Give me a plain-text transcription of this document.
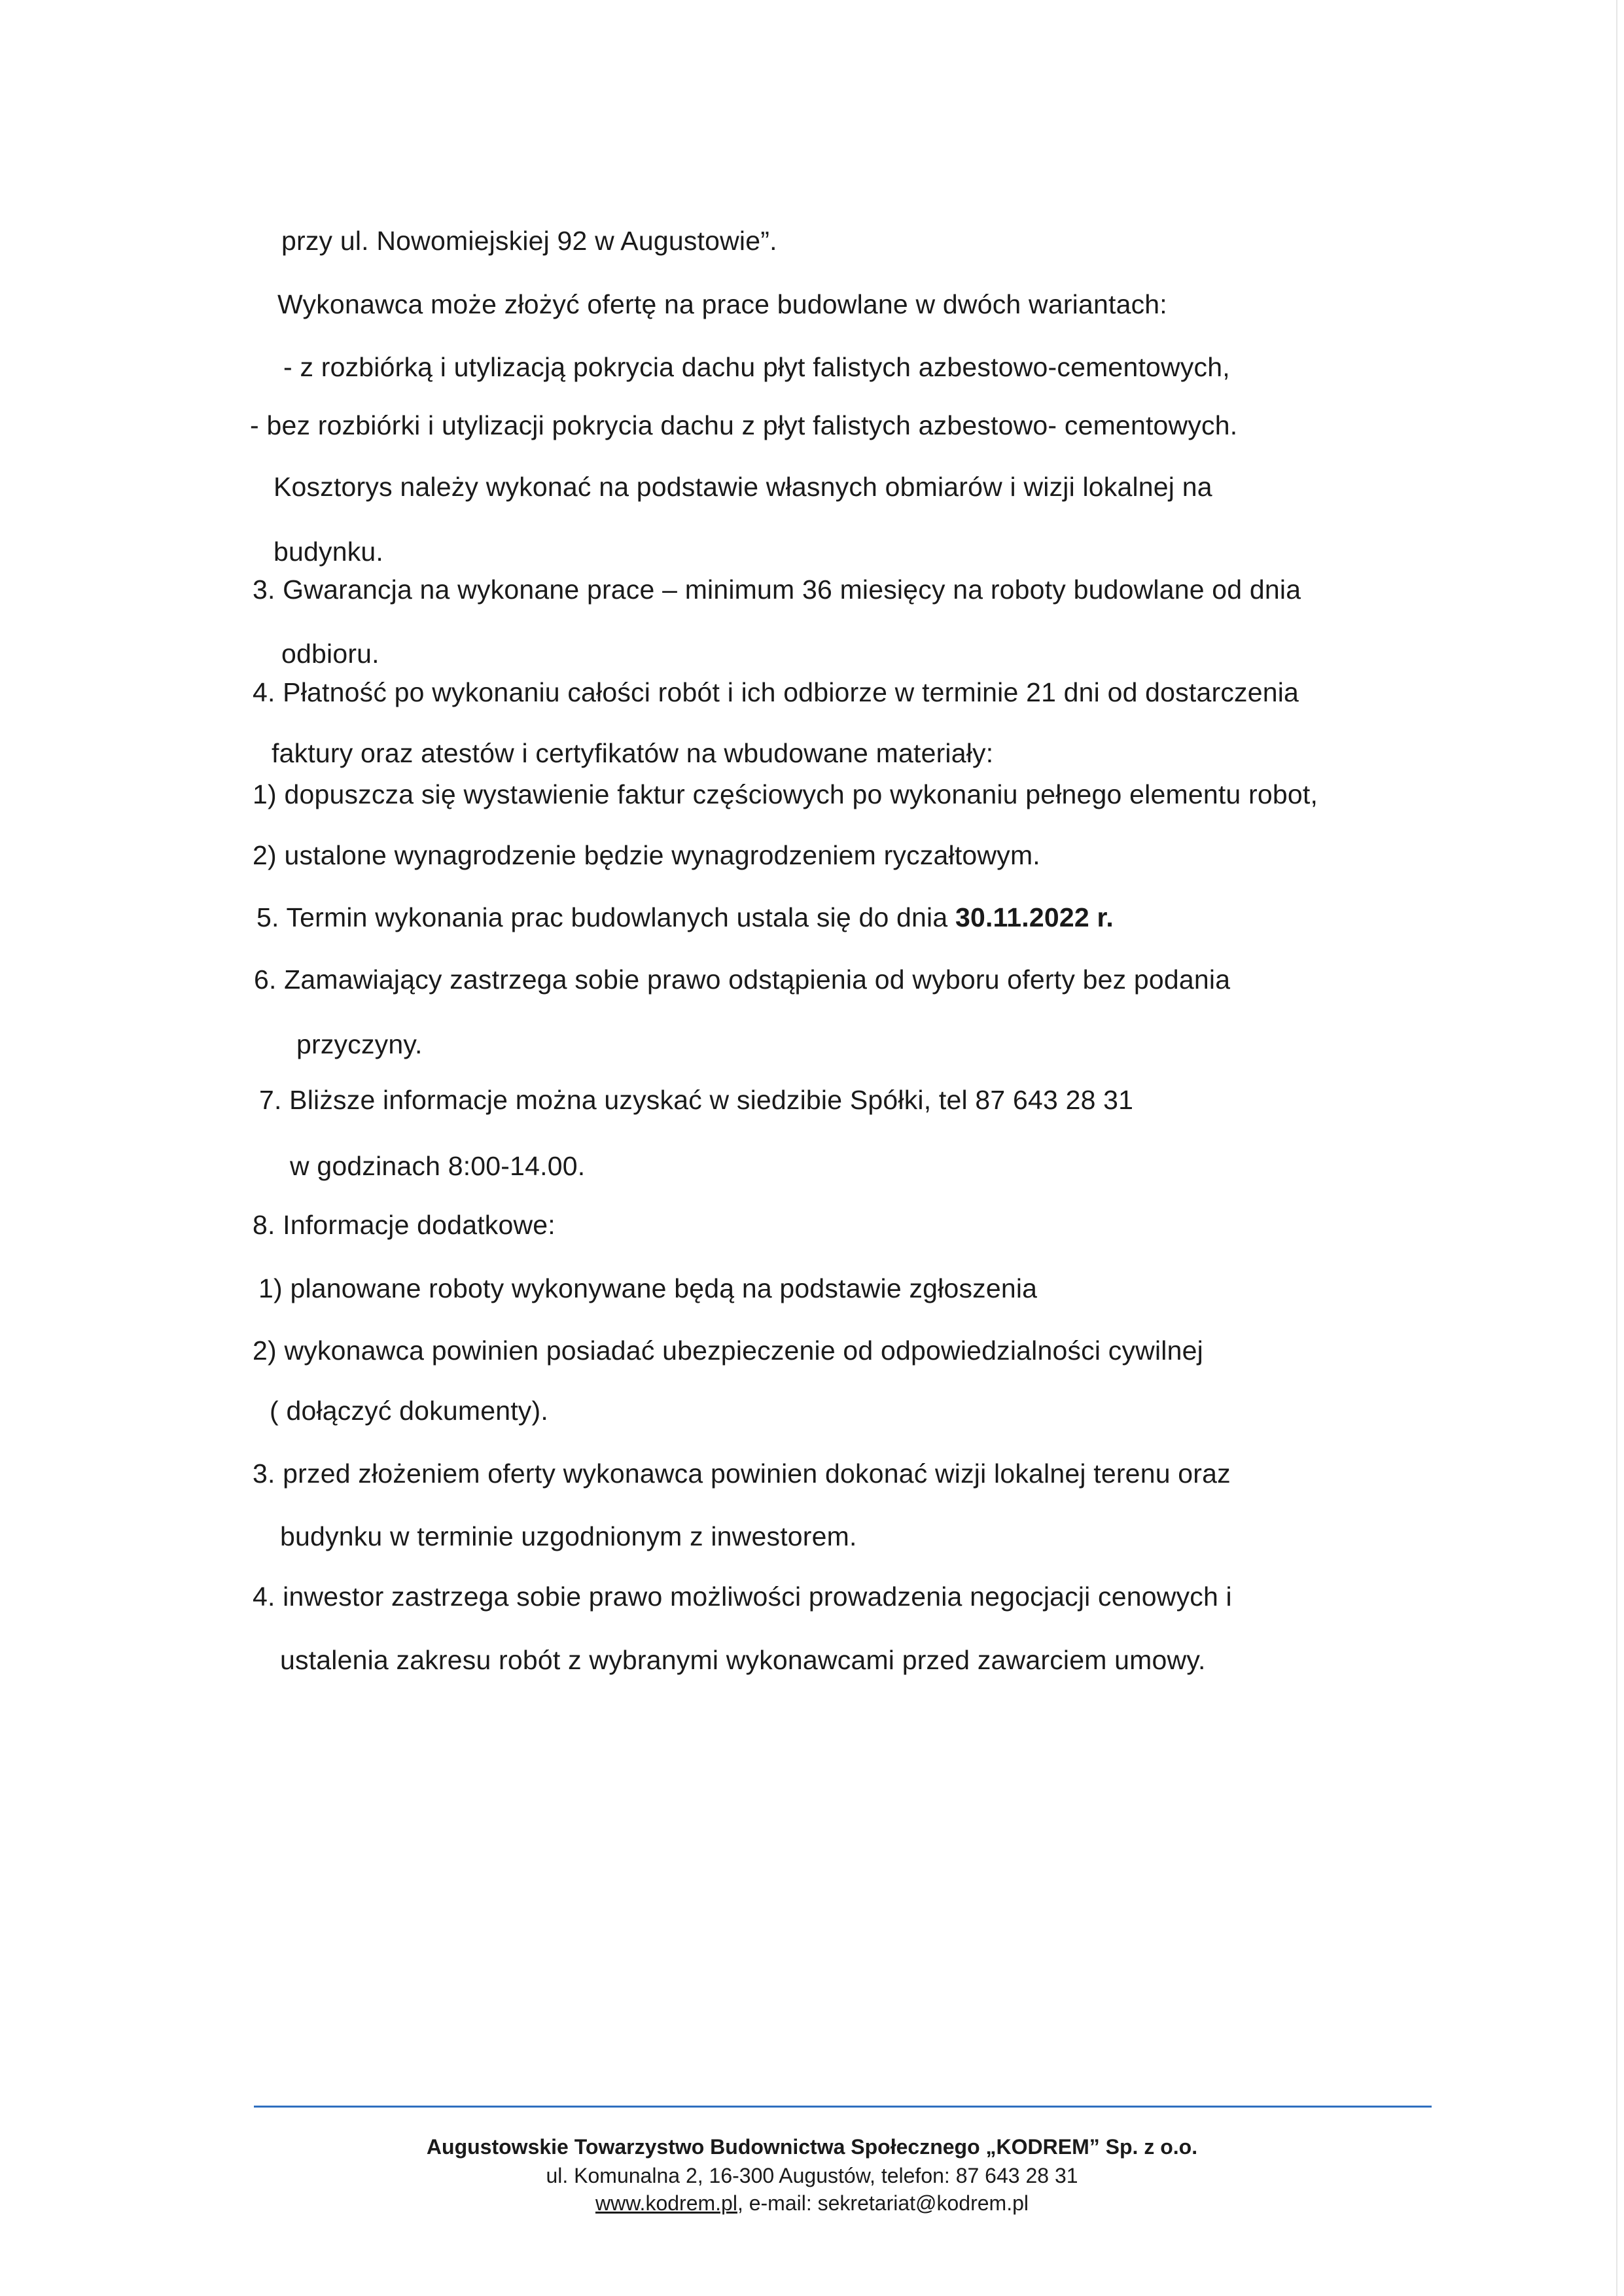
przy ul. Nowomiejskiej 92 w Augustowie”.
Wykonawca może złożyć ofertę na prace budowlane w dwóch wariantach:
- z rozbiórką i utylizacją pokrycia dachu płyt falistych azbestowo-cementowych,
- bez rozbiórki i utylizacji pokrycia dachu z płyt falistych azbestowo- cementowych.
Kosztorys należy wykonać na podstawie własnych obmiarów i wizji lokalnej na
budynku.
3. Gwarancja na wykonane prace – minimum 36 miesięcy na roboty budowlane od dnia
odbioru.
4. Płatność po wykonaniu całości robót i ich odbiorze w terminie 21 dni od dostarczenia
faktury oraz atestów i certyfikatów na wbudowane materiały:
1) dopuszcza się wystawienie faktur częściowych po wykonaniu pełnego elementu robot,
2) ustalone wynagrodzenie będzie wynagrodzeniem ryczałtowym.
5. Termin wykonania prac budowlanych ustala się do dnia 30.11.2022 r.
6. Zamawiający zastrzega sobie prawo odstąpienia od wyboru oferty bez podania
przyczyny.
7. Bliższe informacje można uzyskać w siedzibie Spółki, tel 87 643 28 31
w godzinach 8:00-14.00.
8. Informacje dodatkowe:
1) planowane roboty wykonywane będą na podstawie zgłoszenia
2) wykonawca powinien posiadać ubezpieczenie od odpowiedzialności cywilnej
( dołączyć dokumenty).
3. przed złożeniem oferty wykonawca powinien dokonać wizji lokalnej terenu oraz
budynku w terminie uzgodnionym z inwestorem.
4. inwestor zastrzega sobie prawo możliwości prowadzenia negocjacji cenowych i
ustalenia zakresu robót z wybranymi wykonawcami przed zawarciem umowy.
Augustowskie Towarzystwo Budownictwa Społecznego „KODREM” Sp. z o.o.
ul. Komunalna 2, 16-300 Augustów, telefon: 87 643 28 31
www.kodrem.pl, e-mail: sekretariat@kodrem.pl
